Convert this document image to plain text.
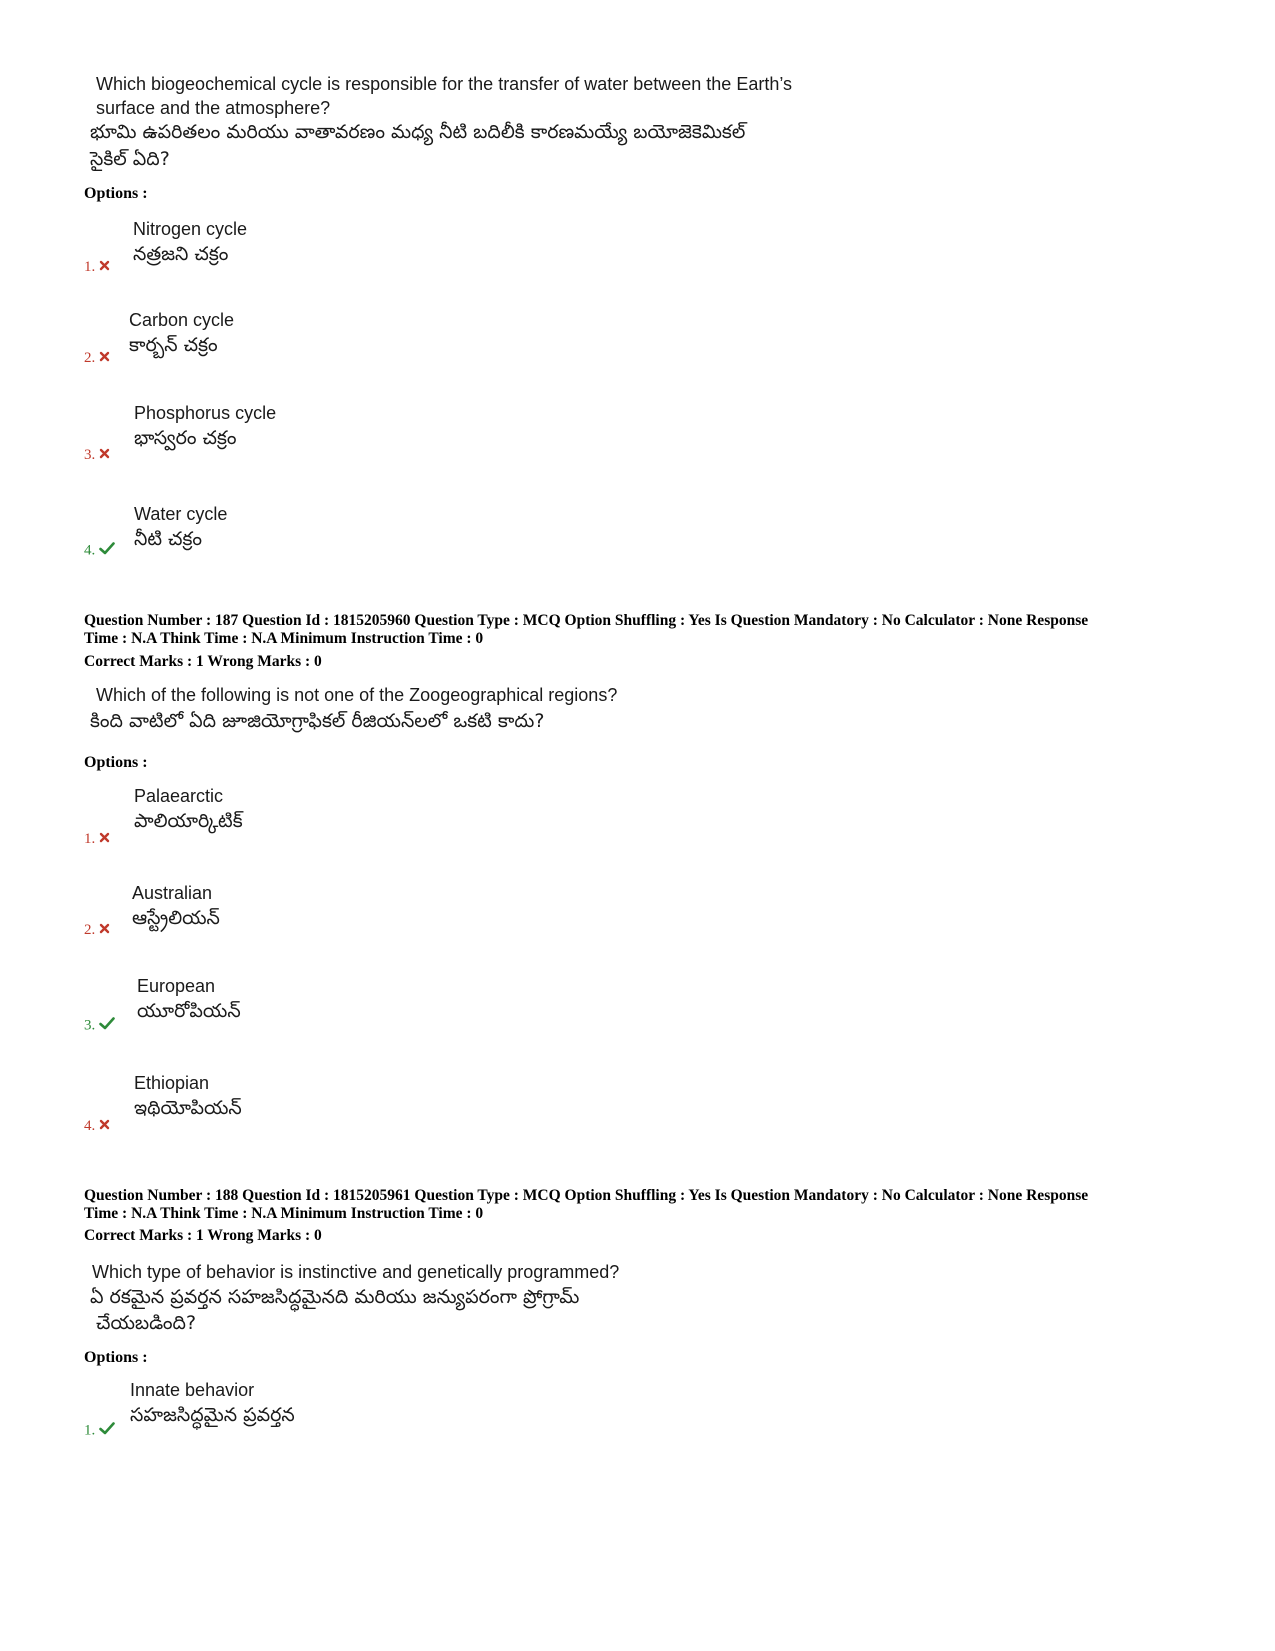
Which biogeochemical cycle is responsible for the transfer of water between the Earth’s
surface and the atmosphere?
భూమి ఉపరితలం మరియు వాతావరణం మధ్య నీటి బదిలీకి కారణమయ్యే బయోజెకెమికల్
సైకిల్ ఏది?
Options :
Nitrogen cycle
నత్రజని చక్రం
1.
Carbon cycle
కార్బన్ చక్రం
2.
Phosphorus cycle
భాస్వరం చక్రం
3.
Water cycle
నీటి చక్రం
4.
Question Number : 187 Question Id : 1815205960 Question Type : MCQ Option Shuffling : Yes Is Question Mandatory : No Calculator : None Response
Time : N.A Think Time : N.A Minimum Instruction Time : 0
Correct Marks : 1 Wrong Marks : 0
Which of the following is not one of the Zoogeographical regions?
కింది వాటిలో ఏది జూజియోగ్రాఫికల్ రీజియన్‌లలో ఒకటి కాదు?
Options :
Palaearctic
పాలియార్కిటిక్
1.
Australian
ఆస్ట్రేలియన్
2.
European
యూరోపియన్
3.
Ethiopian
ఇథియోపియన్
4.
Question Number : 188 Question Id : 1815205961 Question Type : MCQ Option Shuffling : Yes Is Question Mandatory : No Calculator : None Response
Time : N.A Think Time : N.A Minimum Instruction Time : 0
Correct Marks : 1 Wrong Marks : 0
Which type of behavior is instinctive and genetically programmed?
ఏ రకమైన ప్రవర్తన సహజసిద్ధమైనది మరియు జన్యుపరంగా ప్రోగ్రామ్
చేయబడింది?
Options :
Innate behavior
సహజసిద్ధమైన ప్రవర్తన
1.
